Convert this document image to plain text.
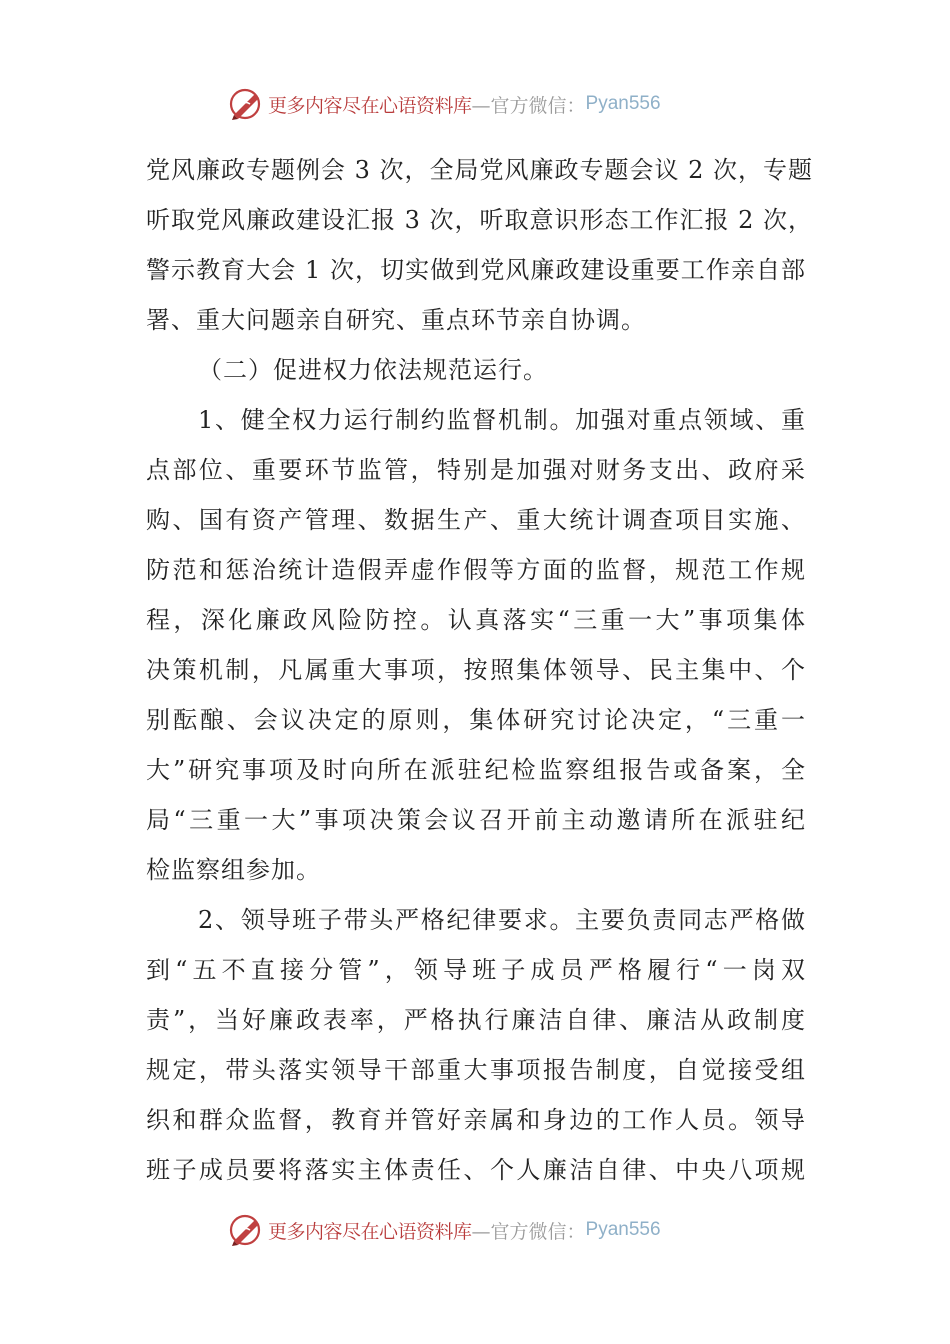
更多内容尽在心语资料库 —官方微信： Pyan556
党风廉政专题例会 3 次，全局党风廉政专题会议 2 次，专题
听取党风廉政建设汇报 3 次，听取意识形态工作汇报 2 次，
警示教育大会 1 次，切实做到党风廉政建设重要工作亲自部
署、重大问题亲自研究、重点环节亲自协调。
（二）促进权力依法规范运行。
1、健全权力运行制约监督机制。加强对重点领域、重
点部位、重要环节监管，特别是加强对财务支出、政府采
购、国有资产管理、数据生产、重大统计调查项目实施、
防范和惩治统计造假弄虚作假等方面的监督，规范工作规
程，深化廉政风险防控。认真落实“三重一大”事项集体
决策机制，凡属重大事项，按照集体领导、民主集中、个
别酝酿、会议决定的原则，集体研究讨论决定，“三重一
大”研究事项及时向所在派驻纪检监察组报告或备案，全
局“三重一大”事项决策会议召开前主动邀请所在派驻纪
检监察组参加。
2、领导班子带头严格纪律要求。主要负责同志严格做
到“五不直接分管”，领导班子成员严格履行“一岗双
责”，当好廉政表率，严格执行廉洁自律、廉洁从政制度
规定，带头落实领导干部重大事项报告制度，自觉接受组
织和群众监督，教育并管好亲属和身边的工作人员。领导
班子成员要将落实主体责任、个人廉洁自律、中央八项规
更多内容尽在心语资料库 —官方微信： Pyan556
